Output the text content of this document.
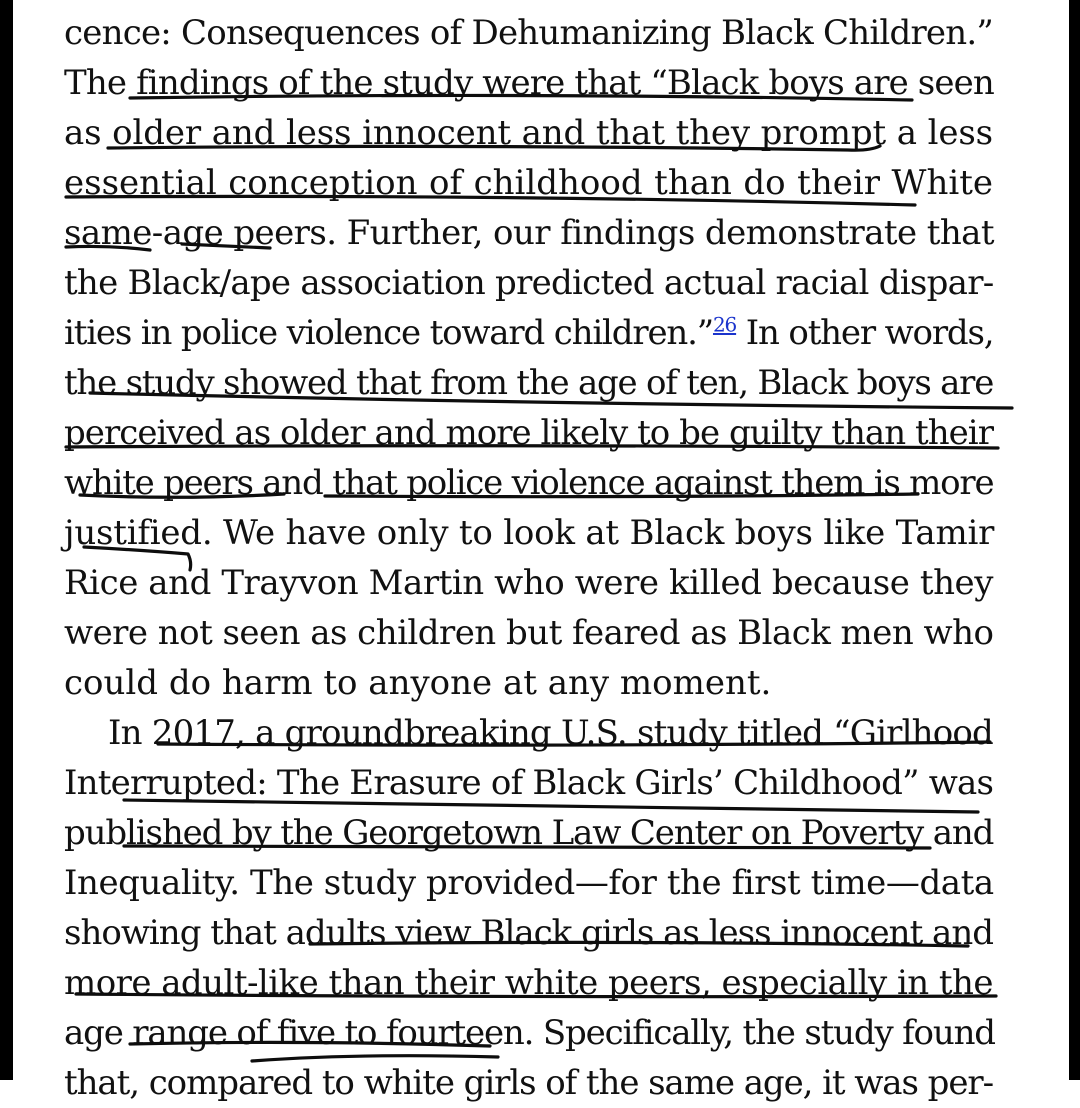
cence: Consequences of Dehumanizing Black Children.”
The findings of the study were that “Black boys are seen
as older and less innocent and that they prompt a less
essential conception of childhood than do their White
same-age peers. Further, our findings demonstrate that
the Black/ape association predicted actual racial dispar-
ities in police violence toward children.”$^{26}$ In other words,
the study showed that from the age of ten, Black boys are
perceived as older and more likely to be guilty than their
white peers and that police violence against them is more
justified. We have only to look at Black boys like Tamir
Rice and Trayvon Martin who were killed because they
were not seen as children but feared as Black men who
could do harm to anyone at any moment.
In 2017, a groundbreaking U.S. study titled “Girlhood
Interrupted: The Erasure of Black Girls’ Childhood” was
published by the Georgetown Law Center on Poverty and
Inequality. The study provided—for the first time—data
showing that adults view Black girls as less innocent and
more adult-like than their white peers, especially in the
age range of five to fourteen. Specifically, the study found
that, compared to white girls of the same age, it was per-
